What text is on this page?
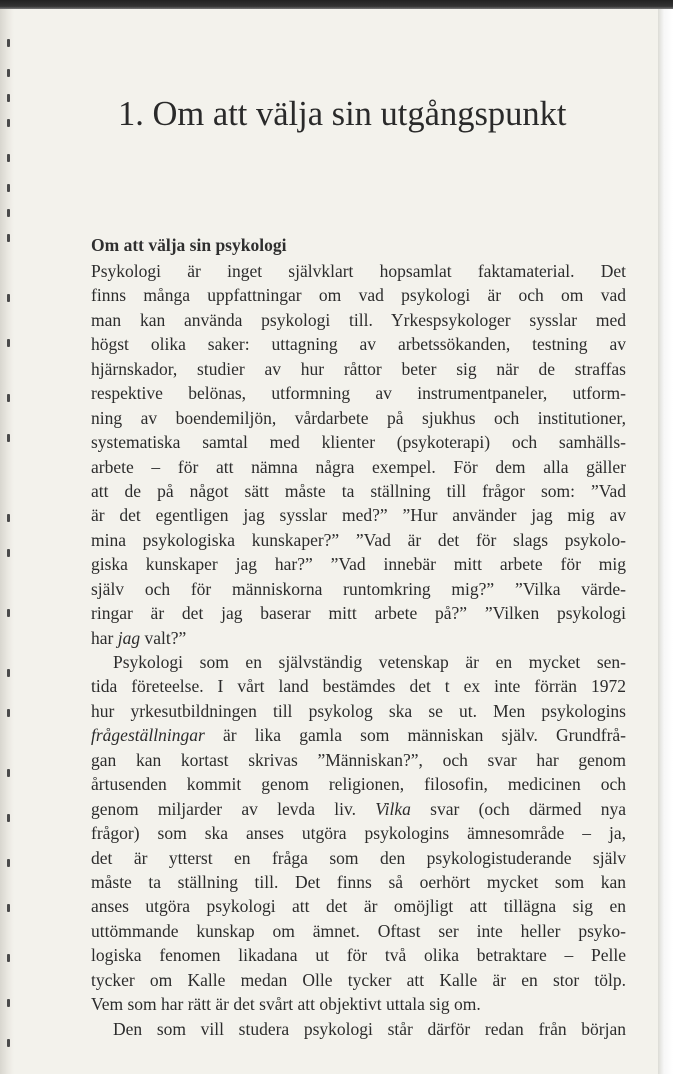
1. Om att välja sin utgångspunkt
Om att välja sin psykologi
Psykologi är inget självklart hopsamlat faktamaterial. Det
finns många uppfattningar om vad psykologi är och om vad
man kan använda psykologi till. Yrkespsykologer sysslar med
högst olika saker: uttagning av arbetssökanden, testning av
hjärnskador, studier av hur råttor beter sig när de straffas
respektive belönas, utformning av instrumentpaneler, utform-
ning av boendemiljön, vårdarbete på sjukhus och institutioner,
systematiska samtal med klienter (psykoterapi) och samhälls-
arbete – för att nämna några exempel. För dem alla gäller
att de på något sätt måste ta ställning till frågor som: ”Vad
är det egentligen jag sysslar med?” ”Hur använder jag mig av
mina psykologiska kunskaper?” ”Vad är det för slags psykolo-
giska kunskaper jag har?” ”Vad innebär mitt arbete för mig
själv och för människorna runtomkring mig?” ”Vilka värde-
ringar är det jag baserar mitt arbete på?” ”Vilken psykologi
har jag valt?”
Psykologi som en självständig vetenskap är en mycket sen-
tida företeelse. I vårt land bestämdes det t ex inte förrän 1972
hur yrkesutbildningen till psykolog ska se ut. Men psykologins
frågeställningar är lika gamla som människan själv. Grundfrå-
gan kan kortast skrivas ”Människan?”, och svar har genom
årtusenden kommit genom religionen, filosofin, medicinen och
genom miljarder av levda liv. Vilka svar (och därmed nya
frågor) som ska anses utgöra psykologins ämnesområde – ja,
det är ytterst en fråga som den psykologistuderande själv
måste ta ställning till. Det finns så oerhört mycket som kan
anses utgöra psykologi att det är omöjligt att tillägna sig en
uttömmande kunskap om ämnet. Oftast ser inte heller psyko-
logiska fenomen likadana ut för två olika betraktare – Pelle
tycker om Kalle medan Olle tycker att Kalle är en stor tölp.
Vem som har rätt är det svårt att objektivt uttala sig om.
Den som vill studera psykologi står därför redan från början
